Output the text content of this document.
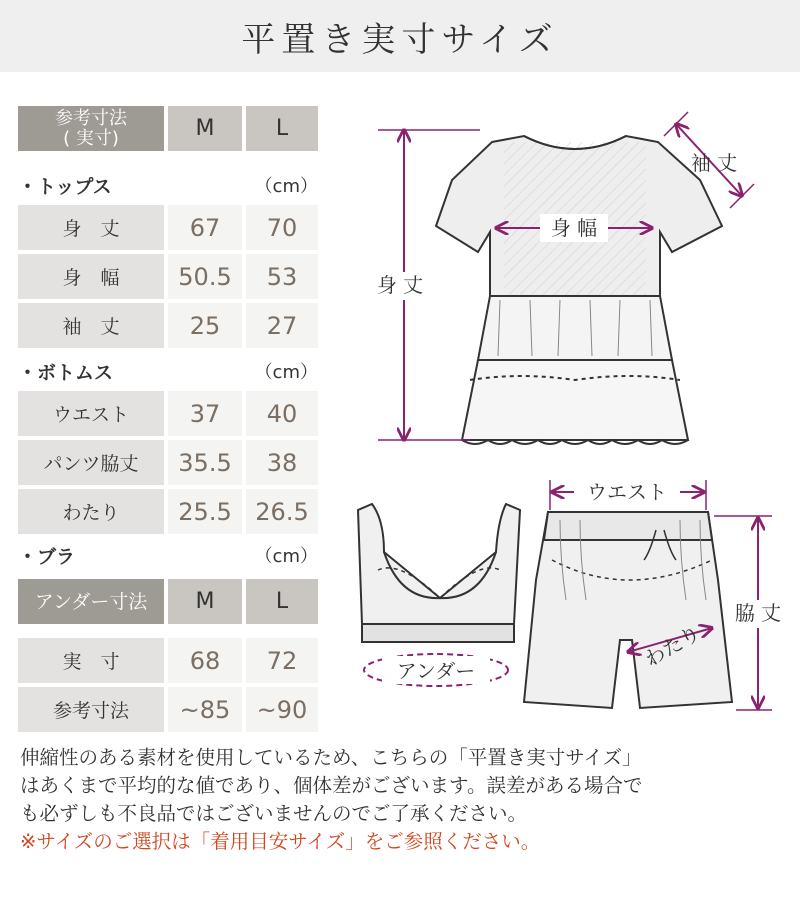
平置き実寸サイズ
参考寸法
( 実寸)	M	L
・トップス	（cm）
身　丈	67	70
身　幅	50.5	53
袖　丈	25	27
・ボトムス	（cm）
ウエスト	37	40
パンツ脇丈	35.5	38
わたり	25.5 26.5
・ブラ	（cm）
アンダー寸法	M	L
実　寸	68	72
参考寸法	~85	~90
身 幅
身 丈
袖 丈
アンダー
ウエスト
脇 丈
わたり

伸縮性のある素材を使用しているため、こちらの「平置き実寸サイズ」

はあくまで平均的な値であり、個体差がございます。誤差がある場合で

も必ずしも不良品ではございませんのでご了承ください。

※サイズのご選択は「着用目安サイズ」をご参照ください。
